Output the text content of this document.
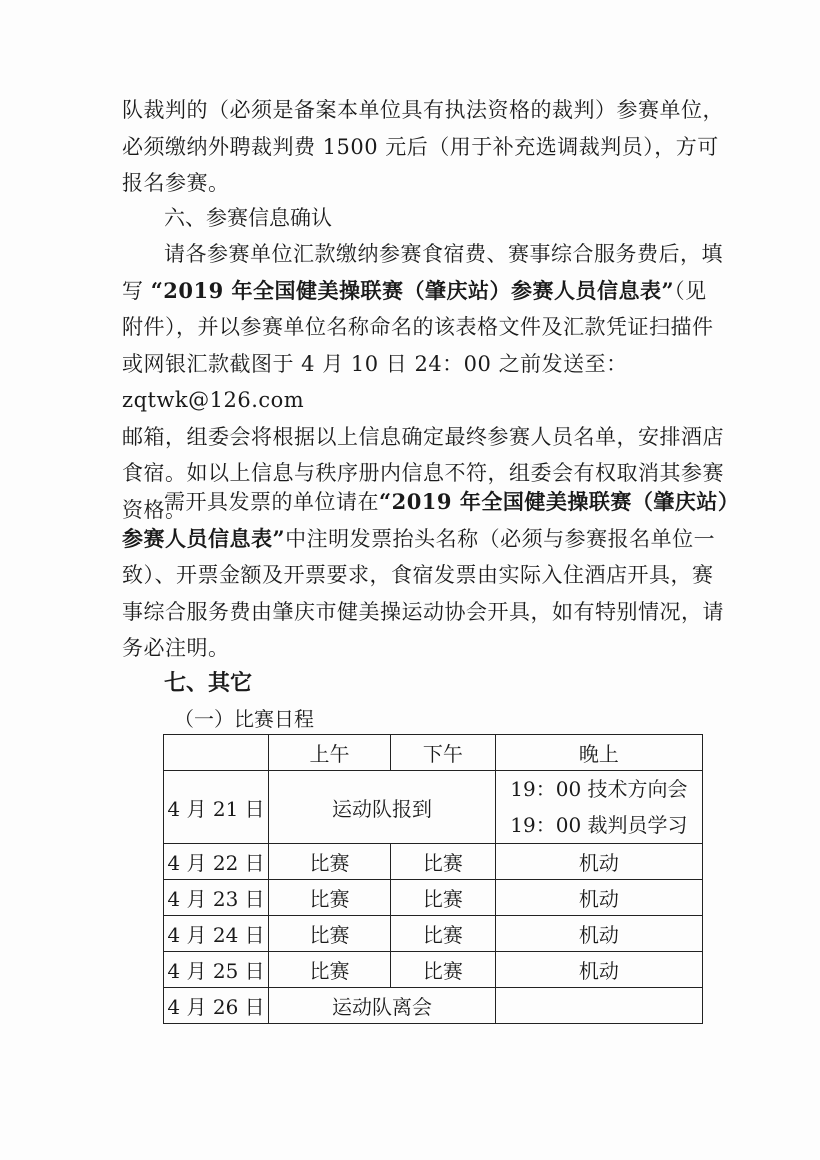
队裁判的（必须是备案本单位具有执法资格的裁判）参赛单位，

必须缴纳外聘裁判费 1500 元后（用于补充选调裁判员），方可

报名参赛。

六、参赛信息确认

请各参赛单位汇款缴纳参赛食宿费、赛事综合服务费后，填

写 “2019 年全国健美操联赛（肇庆站）参赛人员信息表”（见

附件），并以参赛单位名称命名的该表格文件及汇款凭证扫描件

或网银汇款截图于 4 月 10 日 24：00 之前发送至：zqtwk@126.com

邮箱，组委会将根据以上信息确定最终参赛人员名单，安排酒店

食宿。如以上信息与秩序册内信息不符，组委会有权取消其参赛

资格。

需开具发票的单位请在“2019 年全国健美操联赛（肇庆站）

参赛人员信息表”中注明发票抬头名称（必须与参赛报名单位一

致）、开票金额及开票要求，食宿发票由实际入住酒店开具，赛

事综合服务费由肇庆市健美操运动协会开具，如有特别情况，请

务必注明。

七、其它
（一）比赛日程
	上午	下午	晚上
4 月 21 日	运动队报到		19：00 技术方向会
19：00 裁判员学习

4 月 22 日	比赛	比赛	机动
4 月 23 日	比赛	比赛	机动
4 月 24 日	比赛	比赛	机动
4 月 25 日	比赛	比赛	机动
4 月 26 日	运动队离会		
